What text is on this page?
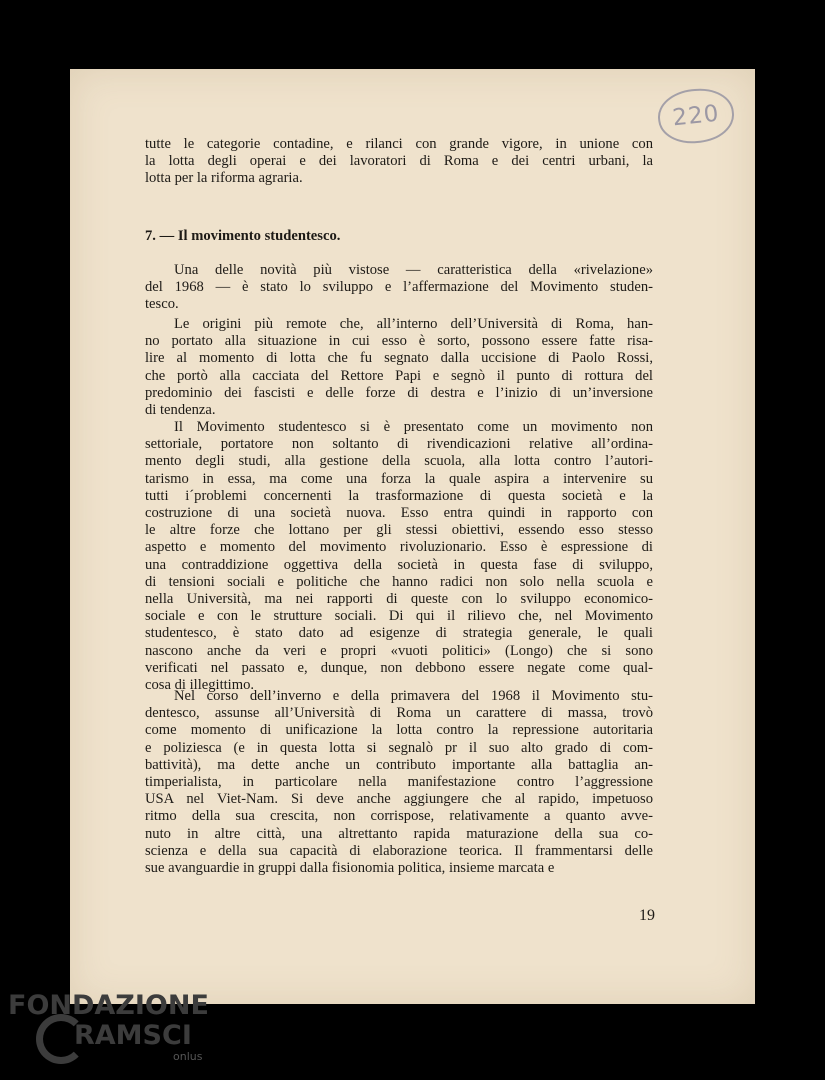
220
tutte le categorie contadine, e rilanci con grande vigore, in unione con
la lotta degli operai e dei lavoratori di Roma e dei centri urbani, la
lotta per la riforma agraria.
7. — Il movimento studentesco.
Una delle novità più vistose — caratteristica della «rivelazione»
del 1968 — è stato lo sviluppo e l’affermazione del Movimento studen-
tesco.
Le origini più remote che, all’interno dell’Università di Roma, han-
no portato alla situazione in cui esso è sorto, possono essere fatte risa-
lire al momento di lotta che fu segnato dalla uccisione di Paolo Rossi,
che portò alla cacciata del Rettore Papi e segnò il punto di rottura del
predominio dei fascisti e delle forze di destra e l’inizio di un’inversione
di tendenza.
Il Movimento studentesco si è presentato come un movimento non
settoriale, portatore non soltanto di rivendicazioni relative all’ordina-
mento degli studi, alla gestione della scuola, alla lotta contro l’autori-
tarismo in essa, ma come una forza la quale aspira a intervenire su
tutti i´problemi concernenti la trasformazione di questa società e la
costruzione di una società nuova. Esso entra quindi in rapporto con
le altre forze che lottano per gli stessi obiettivi, essendo esso stesso
aspetto e momento del movimento rivoluzionario. Esso è espressione di
una contraddizione oggettiva della società in questa fase di sviluppo,
di tensioni sociali e politiche che hanno radici non solo nella scuola e
nella Università, ma nei rapporti di queste con lo sviluppo economico-
sociale e con le strutture sociali. Di qui il rilievo che, nel Movimento
studentesco, è stato dato ad esigenze di strategia generale, le quali
nascono anche da veri e propri «vuoti politici» (Longo) che si sono
verificati nel passato e, dunque, non debbono essere negate come qual-
cosa di illegittimo.
Nel corso dell’inverno e della primavera del 1968 il Movimento stu-
dentesco, assunse all’Università di Roma un carattere di massa, trovò
come momento di unificazione la lotta contro la repressione autoritaria
e poliziesca (e in questa lotta si segnalò pr il suo alto grado di com-
battività), ma dette anche un contributo importante alla battaglia an-
timperialista, in particolare nella manifestazione contro l’aggressione
USA nel Viet-Nam. Si deve anche aggiungere che al rapido, impetuoso
ritmo della sua crescita, non corrispose, relativamente a quanto avve-
nuto in altre città, una altrettanto rapida maturazione della sua co-
scienza e della sua capacità di elaborazione teorica. Il frammentarsi delle
sue avanguardie in gruppi dalla fisionomia politica, insieme marcata e
19
FONDAZIONE
RAMSCI
onlus
